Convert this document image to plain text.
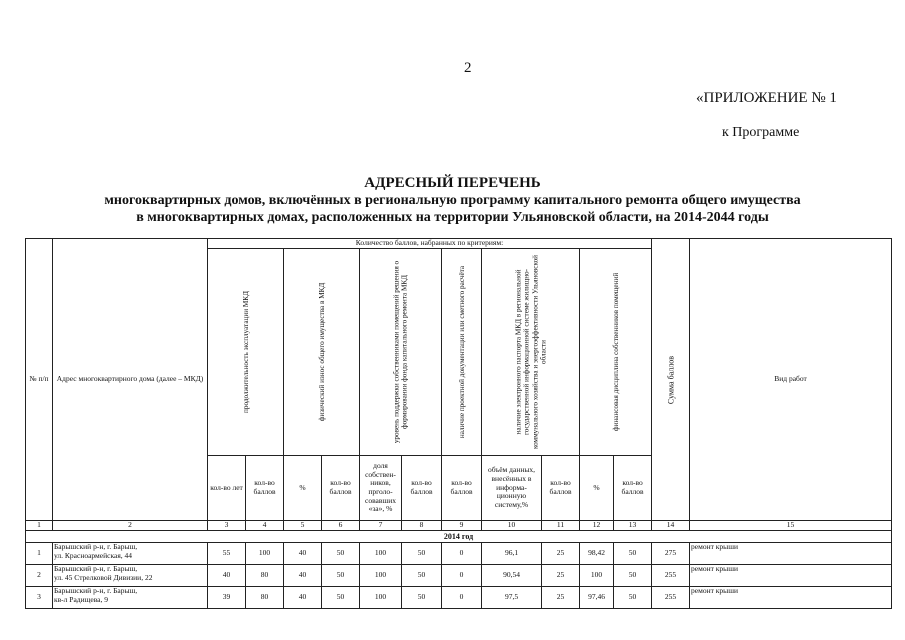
2
«ПРИЛОЖЕНИЕ № 1
к Программе
АДРЕСНЫЙ ПЕРЕЧЕНЬ
многоквартирных домов, включённых в региональную программу капитального ремонта общего имущества
в многоквартирных домах, расположенных на территории Ульяновской области, на 2014-2044 годы
№ п/п	Адрес многоквартирного дома (далее – МКД)	Количество баллов, набранных по критериям:											Сумма баллов	Вид работ

		продолжительность эксплуатации МКД		физический износ общего имущества в МКД		уровень поддержки собственниками помещений решения о формировании фонда капитального ремонта МКД		наличие проектной документации или сметного расчёта	наличие электронного паспорта МКД в региональной государственной информационной системе жилищно-коммунального хозяйства и энергоэффективности Ульяновской области		финансовая дисциплина собственников помещений			

		кол-во лет	кол-во баллов	%	кол-во баллов	доля собствен- ников, прголо- совавших «за», %	кол-во баллов	кол-во баллов	объём данных, внесённых в информа- ционную систему,%	кол-во баллов	%	кол-во баллов		
1	2	3	4	5	6	7	8	9	10	11	12	13	14	15
2014 год														
1	Барышский р-н, г. Барыш,
ул. Красноармейская, 44	55	100	40	50	100	50	0	96,1	25	98,42	50	275	ремонт крыши
2	Барышский р-н, г. Барыш,
ул. 45 Стрелковой Дивизии, 22	40	80	40	50	100	50	0	90,54	25	100	50	255	ремонт крыши
3	Барышский р-н, г. Барыш,
кв-л Радищева, 9	39	80	40	50	100	50	0	97,5	25	97,46	50	255	ремонт крыши
